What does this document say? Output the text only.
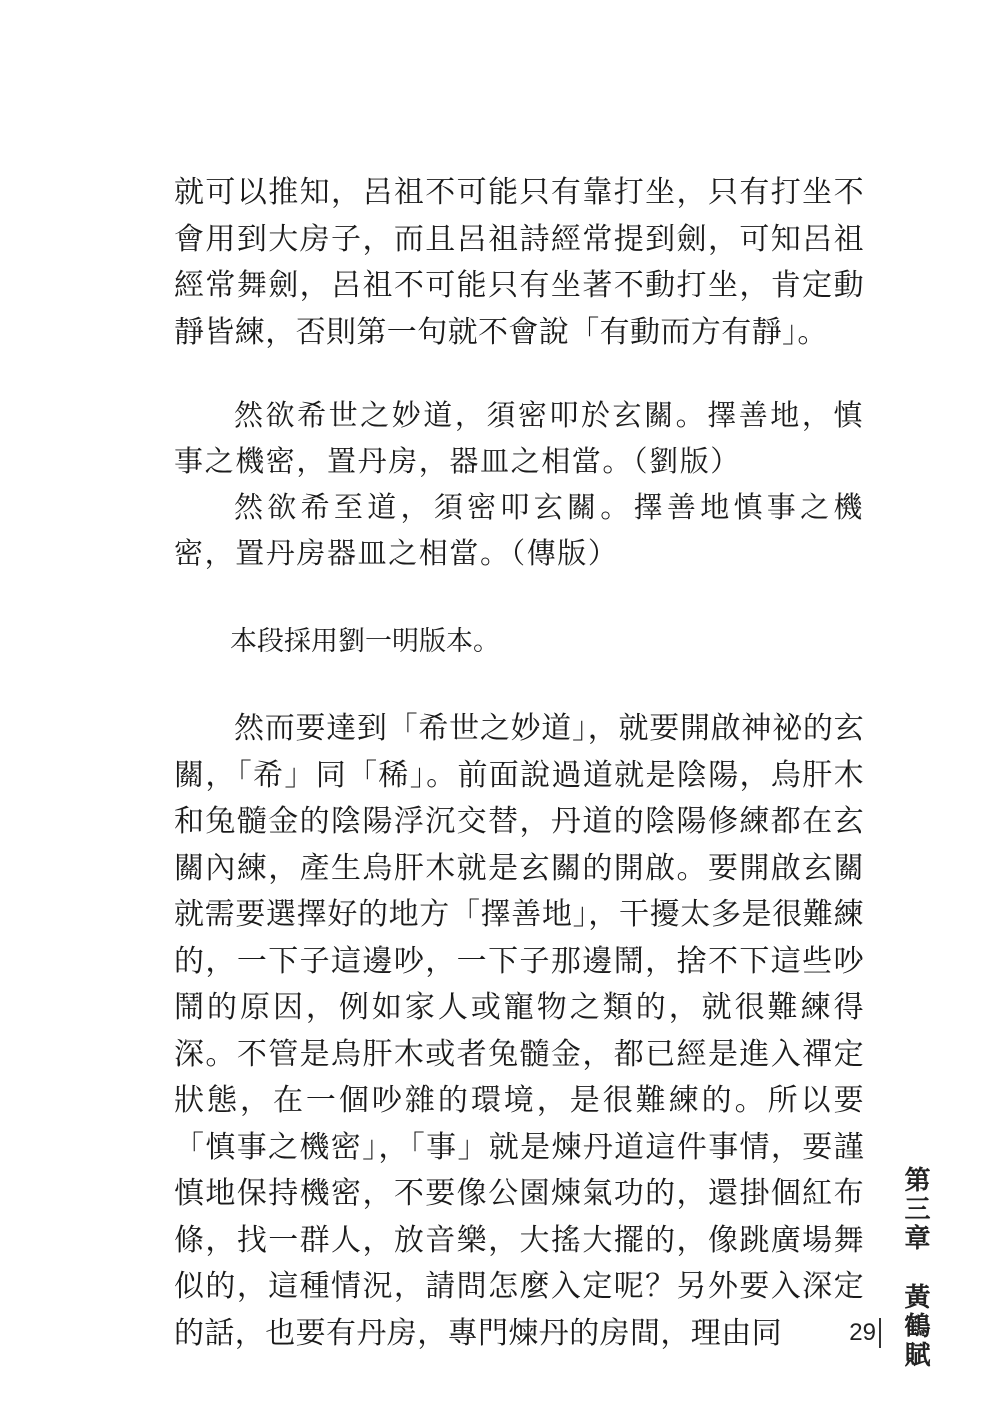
就可以推知，呂祖不可能只有靠打坐，只有打坐不會用到大房子，而且呂祖詩經常提到劍，可知呂祖經常舞劍，呂祖不可能只有坐著不動打坐，肯定動靜皆練，否則第一句就不會說「有動而方有靜」。

然欲希世之妙道，須密叩於玄關。擇善地，慎事之機密，置丹房，器皿之相當。（劉版）

然欲希至道，須密叩玄關。擇善地慎事之機密，置丹房器皿之相當。（傳版）

本段採用劉一明版本。

然而要達到「希世之妙道」，就要開啟神祕的玄關，「希」同「稀」。前面說過道就是陰陽，烏肝木和兔髓金的陰陽浮沉交替，丹道的陰陽修練都在玄關內練，產生烏肝木就是玄關的開啟。要開啟玄關就需要選擇好的地方「擇善地」，干擾太多是很難練的，一下子這邊吵，一下子那邊鬧，捨不下這些吵鬧的原因，例如家人或寵物之類的，就很難練得深。不管是烏肝木或者兔髓金，都已經是進入禪定狀態，在一個吵雜的環境，是很難練的。所以要「慎事之機密」，「事」就是煉丹道這件事情，要謹慎地保持機密，不要像公園煉氣功的，還掛個紅布條，找一群人，放音樂，大搖大擺的，像跳廣場舞似的，這種情況，請問怎麼入定呢？另外要入深定的話，也要有丹房，專門煉丹的房間，理由同

第三章黃鶴賦
29
